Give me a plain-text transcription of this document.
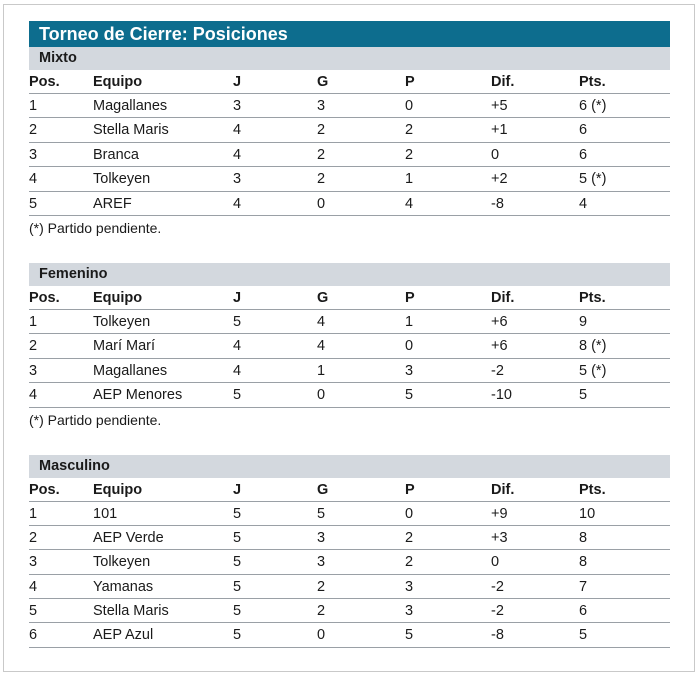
Torneo de Cierre: Posiciones
Mixto
Pos. Equipo	J	G	P	Dif.	Pts.
1	Magallanes	3	3	0	+5	6 (*)
2	Stella Maris	4	2	2	+1	6
3	Branca	4	2	2	0	6
4	Tolkeyen	3	2	1	+2	5 (*)
5	AREF	4	0	4	-8	4
(*) Partido pendiente.
Femenino
Pos. Equipo	J	G	P	Dif.	Pts.
1	Tolkeyen	5	4	1	+6	9
2	Marí Marí	4	4	0	+6	8 (*)
3	Magallanes	4	1	3	-2	5 (*)
4	AEP Menores	5	0	5	-10	5
(*) Partido pendiente.
Masculino
Pos. Equipo	J	G	P	Dif.	Pts.
1	101	5	5	0	+9	10
2	AEP Verde	5	3	2	+3	8
3	Tolkeyen	5	3	2	0	8
4	Yamanas	5	2	3	-2	7
5	Stella Maris	5	2	3	-2	6
6	AEP Azul	5	0	5	-8	5
